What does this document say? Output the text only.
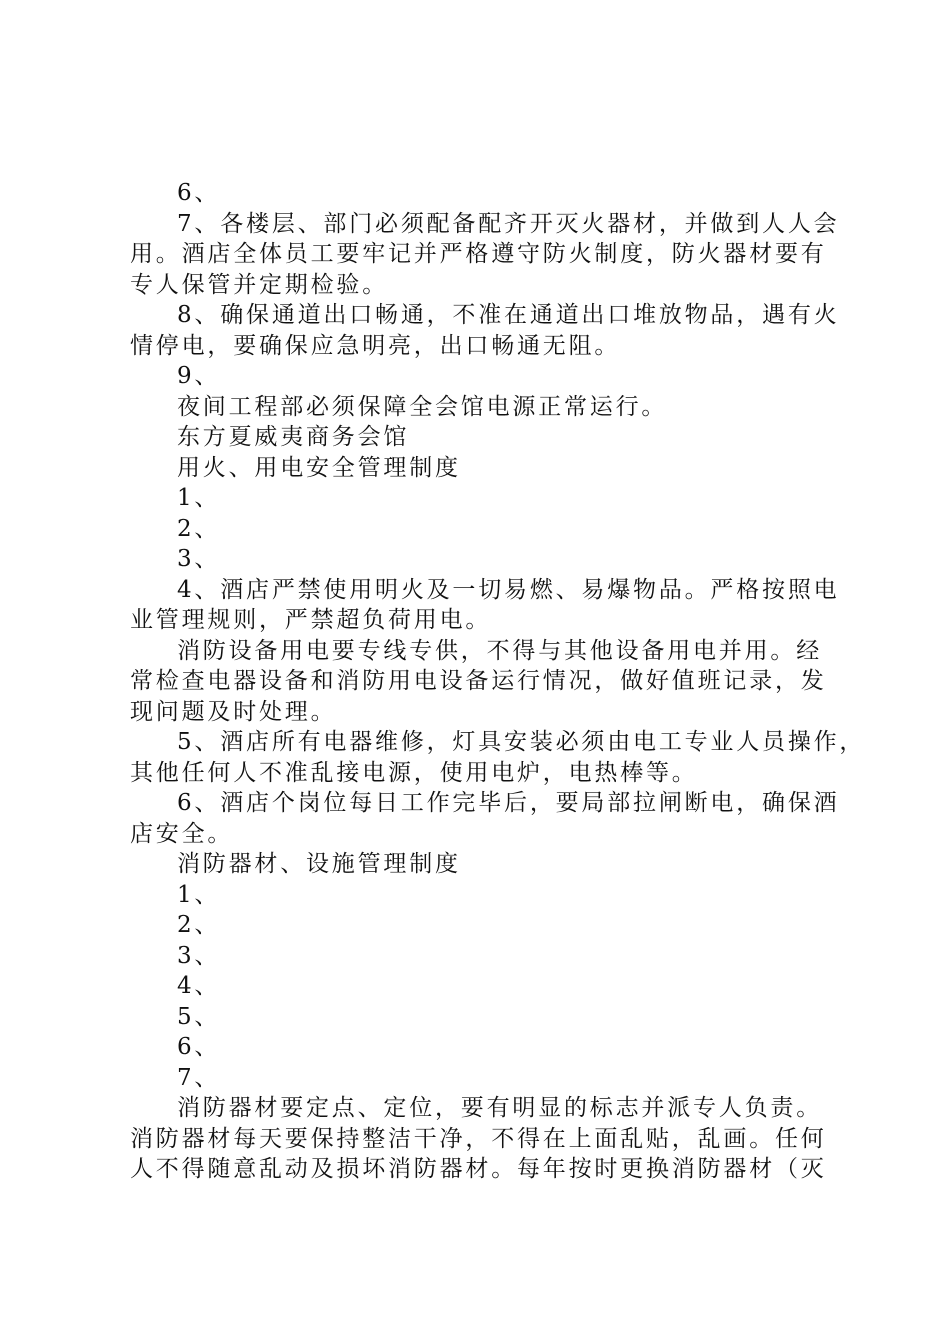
6、
7、各楼层、部门必须配备配齐开灭火器材，并做到人人会
用。酒店全体员工要牢记并严格遵守防火制度，防火器材要有
专人保管并定期检验。
8、确保通道出口畅通，不准在通道出口堆放物品，遇有火
情停电，要确保应急明亮，出口畅通无阻。
9、
夜间工程部必须保障全会馆电源正常运行。
东方夏威夷商务会馆
用火、用电安全管理制度
1、
2、
3、
4、酒店严禁使用明火及一切易燃、易爆物品。严格按照电
业管理规则，严禁超负荷用电。
消防设备用电要专线专供，不得与其他设备用电并用。经
常检查电器设备和消防用电设备运行情况，做好值班记录，发
现问题及时处理。
5、酒店所有电器维修，灯具安装必须由电工专业人员操作，
其他任何人不准乱接电源，使用电炉，电热棒等。
6、酒店个岗位每日工作完毕后，要局部拉闸断电，确保酒
店安全。
消防器材、设施管理制度
1、
2、
3、
4、
5、
6、
7、
消防器材要定点、定位，要有明显的标志并派专人负责。
消防器材每天要保持整洁干净，不得在上面乱贴，乱画。任何
人不得随意乱动及损坏消防器材。每年按时更换消防器材（灭
